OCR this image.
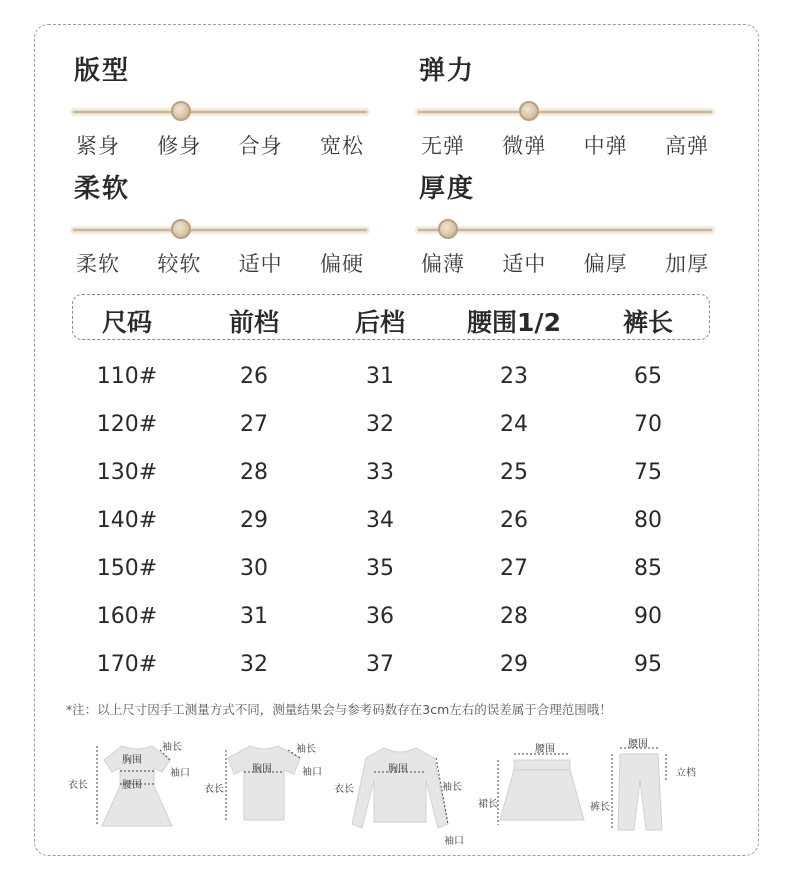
版型
紧身 修身 合身 宽松
弹力
无弹 微弹 中弹 高弹
柔软
柔软 较软 适中 偏硬
厚度
偏薄 适中 偏厚 加厚
尺码	前档	后档 腰围1/2 裤长
110#	26	31	23	65
120#	27	32	24	70
130#	28	33	25	75
140#	29	34	26	80
150#	30	35	27	85
160#	31	36	28	90
170#	32	37	29	95
*注：以上尺寸因手工测量方式不同，测量结果会与参考码数存在3cm左右的误差属于合理范围哦！
胸围
腰围
袖长
袖口
衣长
胸围
袖长
袖口
衣长
胸围
袖长
袖口
衣长
腰围
裙长
腰围
立档
裤长
